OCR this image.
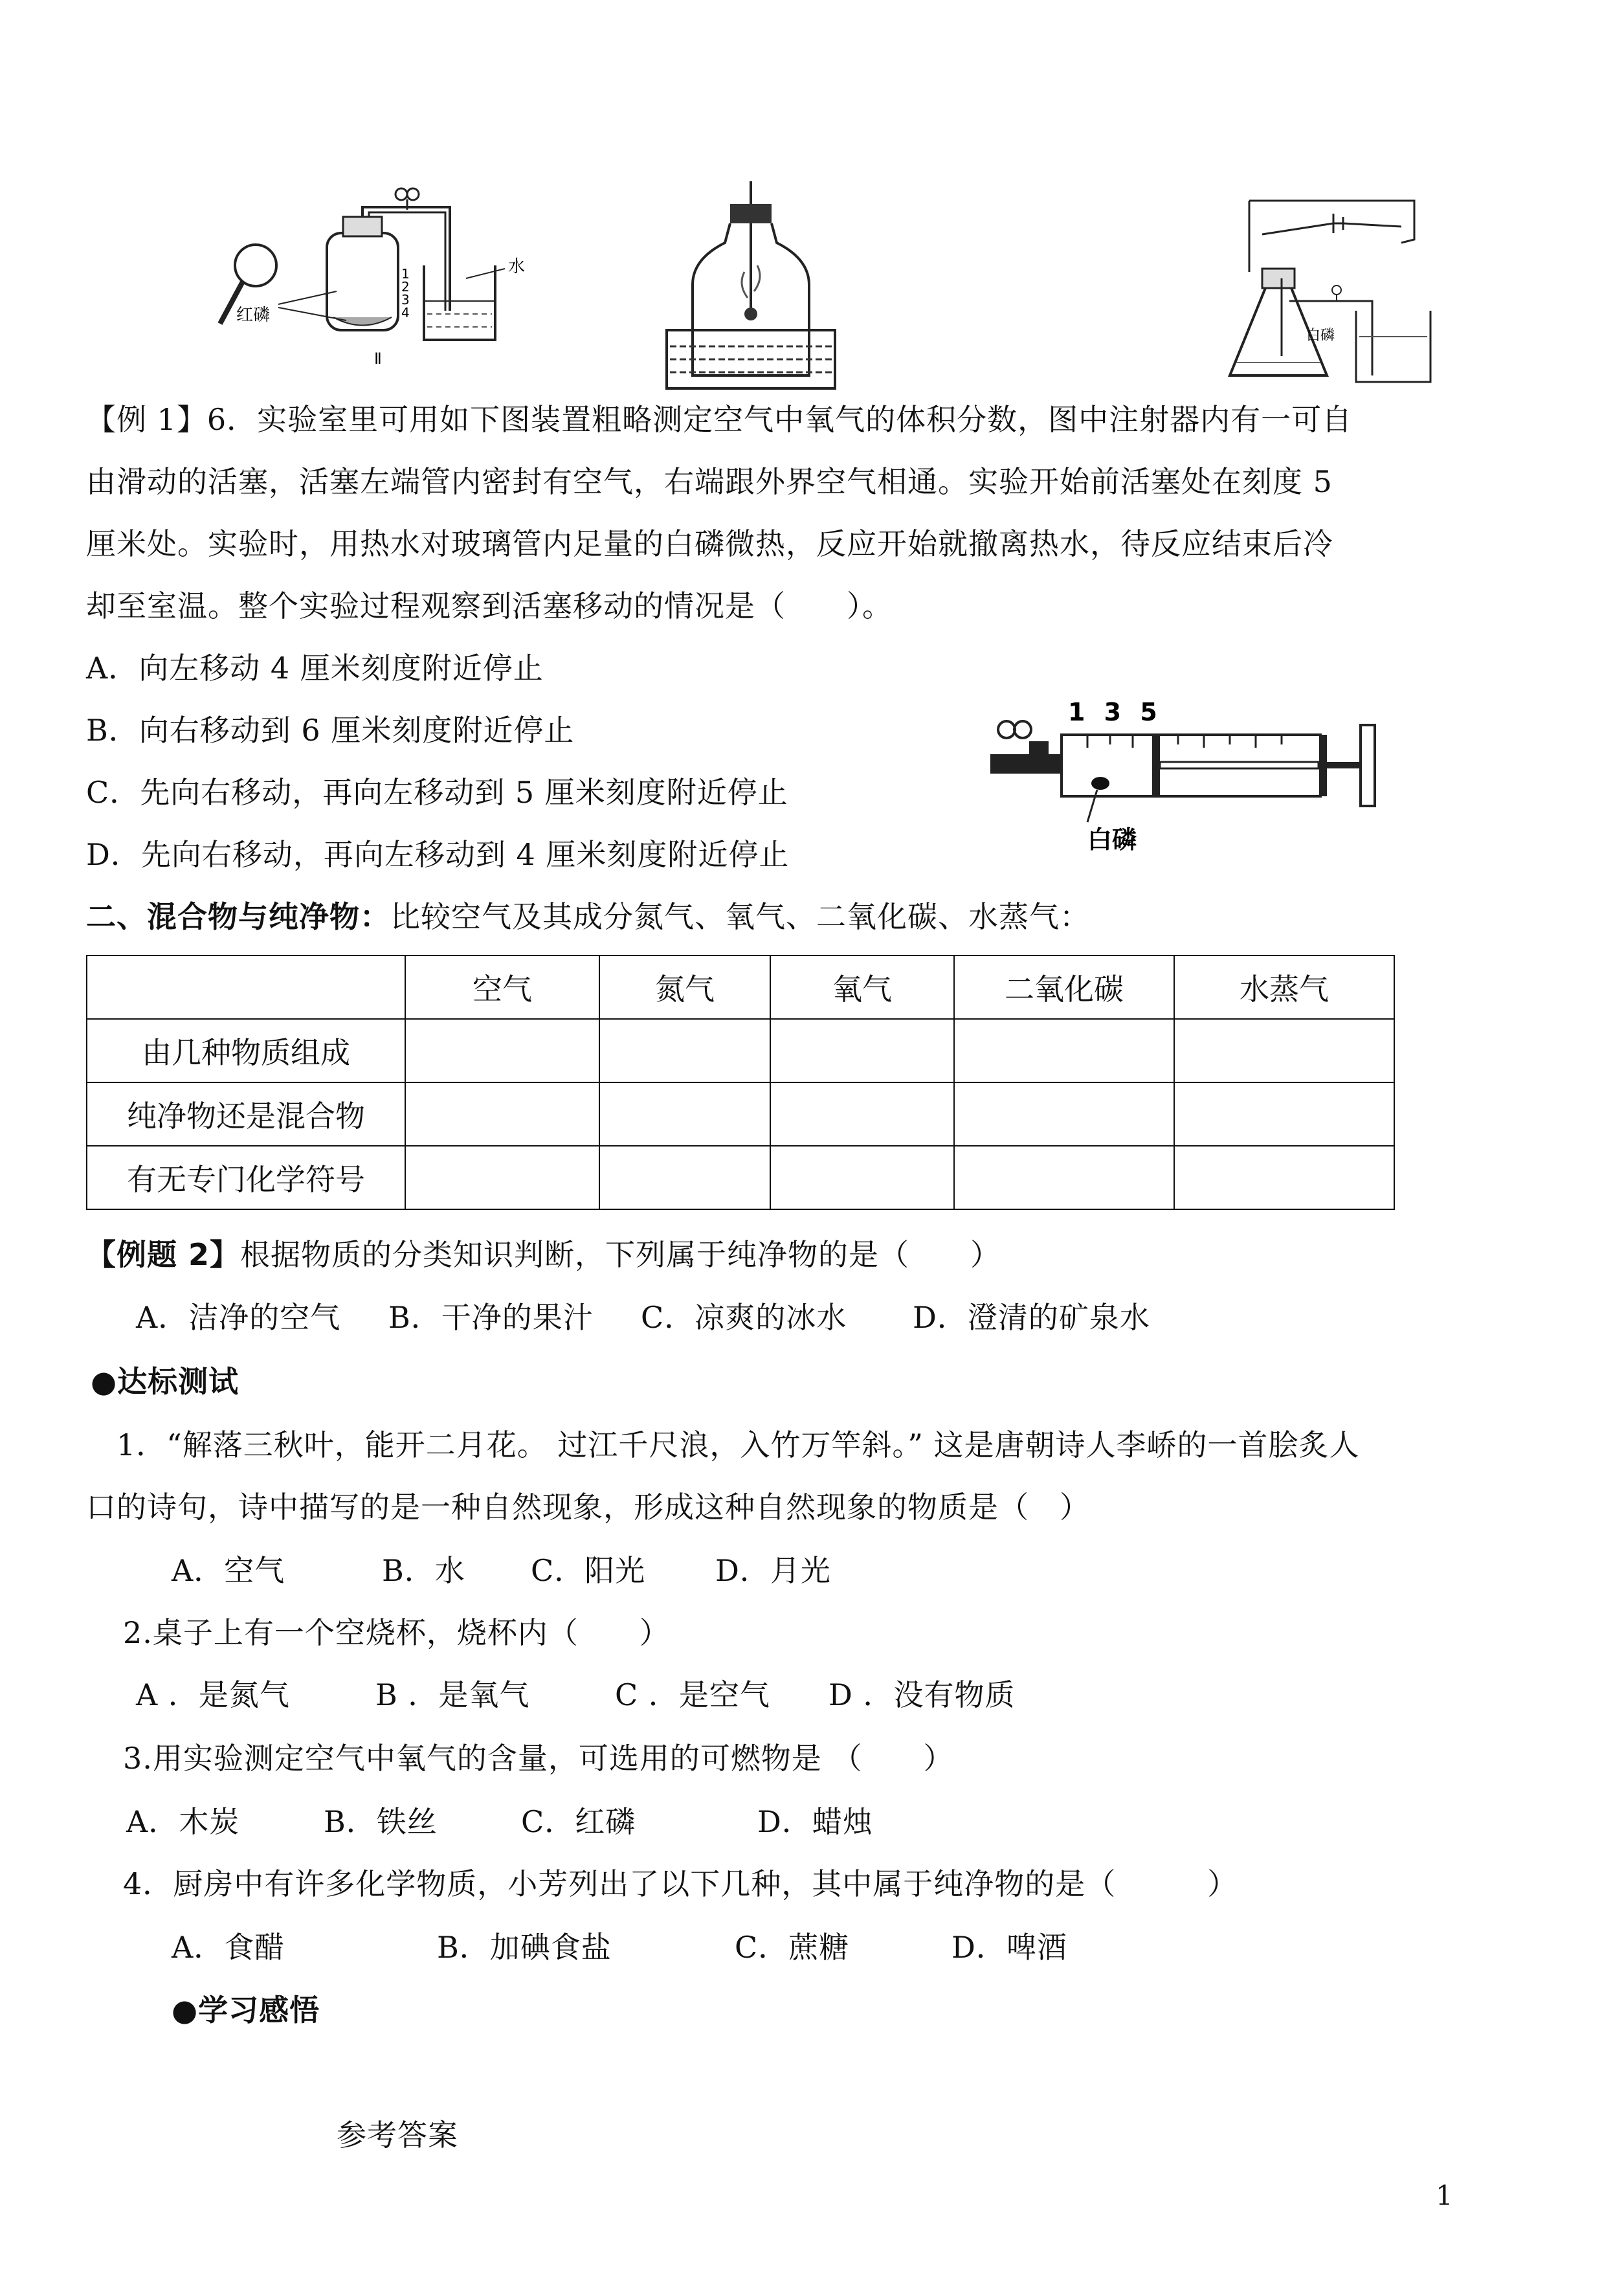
1
2
3
4
水
红磷
Ⅱ
白磷
【例 1】6．实验室里可用如下图装置粗略测定空气中氧气的体积分数，图中注射器内有一可自
由滑动的活塞，活塞左端管内密封有空气，右端跟外界空气相通。实验开始前活塞处在刻度 5
厘米处。实验时，用热水对玻璃管内足量的白磷微热，反应开始就撤离热水，待反应结束后冷
却至室温。整个实验过程观察到活塞移动的情况是（　　）。
A．向左移动 4 厘米刻度附近停止
B．向右移动到 6 厘米刻度附近停止
C．先向右移动，再向左移动到 5 厘米刻度附近停止
D．先向右移动，再向左移动到 4 厘米刻度附近停止
1 3 5
白磷
二、混合物与纯净物：比较空气及其成分氮气、氧气、二氧化碳、水蒸气：
	空气	氮气	氧气	二氧化碳	水蒸气
由几种物质组成					
纯净物还是混合物					
有无专门化学符号					
【例题 2】根据物质的分类知识判断，下列属于纯净物的是（　　）
A．洁净的空气 B．干净的果汁 C．凉爽的冰水 D．澄清的矿泉水
●达标测试
1．“解落三秋叶，能开二月花。 过江千尺浪，入竹万竿斜。” 这是唐朝诗人李峤的一首脍炙人
口的诗句，诗中描写的是一种自然现象，形成这种自然现象的物质是（　）
A．空气	B．水 C．阳光 D．月光
2.桌子上有一个空烧杯，烧杯内（　　）
A ．是氮气	B ．是氧气	C ．是空气 D ．没有物质
3.用实验测定空气中氧气的含量，可选用的可燃物是 （　　）
A．木炭	B．铁丝	C．红磷	D．蜡烛
4．厨房中有许多化学物质，小芳列出了以下几种，其中属于纯净物的是（　　　）
A．食醋	B．加碘食盐	C．蔗糖	D．啤酒
●学习感悟
参考答案
1
